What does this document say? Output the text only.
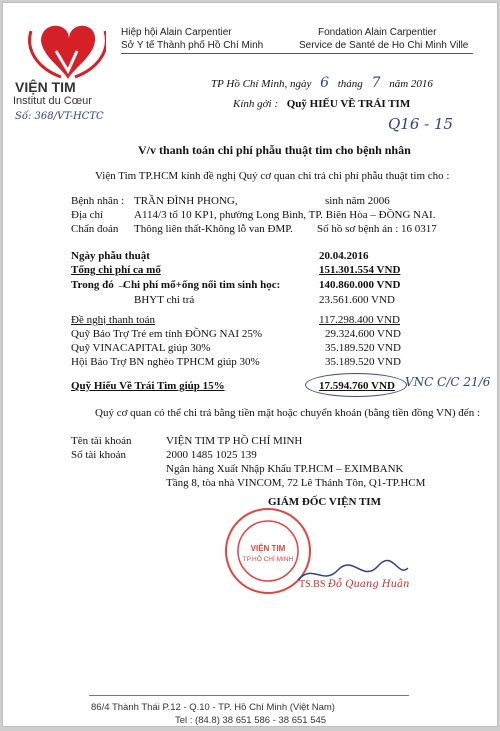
VIỆN TIM
Institut du Cœur
Số: 368/VT-HCTC
Hiệp hội Alain Carpentier
Sở Y tế Thành phố Hồ Chí Minh
Fondation Alain Carpentier
Service de Santé de Ho Chi Minh Ville
TP Hồ Chí Minh, ngày 6 tháng 7 năm 2016
Kính gởi : Quỹ HIẾU VỀ TRÁI TIM
Q16 - 15
V/v thanh toán chi phí phẫu thuật tim cho bệnh nhân
Viện Tim TP.HCM kính đề nghị Quý cơ quan chi trả chi phí phẫu thuật tim cho :
Bệnh nhân : TRẦN ĐÌNH PHONG,	sinh năm 2006
Địa chỉ	A114/3 tổ 10 KP1, phường Long Bình, TP. Biên Hòa – ĐỒNG NAI.
Chẩn đoán Thông liên thất-Không lỗ van ĐMP. Số hồ sơ bệnh án : 16 0317
Ngày phẫu thuật	20.04.2016
Tổng chi phí ca mổ	151.301.554 VND
Trong đó →
Chi phí mổ+ống nối tim sinh học:	140.860.000 VND
BHYT chi trả	23.561.600 VND
Đề nghị thanh toán	117.298.400 VND
Quỹ Bảo Trợ Trẻ em tỉnh ĐỒNG NAI 25%	29.324.600 VND
Quỹ VINACAPITAL giúp 30%	35.189.520 VND
Hội Bảo Trợ BN nghèo TPHCM giúp 30%	35.189.520 VND
Quỹ Hiếu Về Trái Tim giúp 15%	17.594.760 VND VNC C/C 21/6
Quý cơ quan có thể chi trả bằng tiền mặt hoặc chuyển khoản (bằng tiền đồng VN) đến :
Tên tài khoản	VIỆN TIM TP HỒ CHÍ MINH
Số tài khoản	2000 1485 1025 139
Ngân hàng Xuất Nhập Khẩu TP.HCM – EXIMBANK
Tầng 8, tòa nhà VINCOM, 72 Lê Thánh Tôn, Q1-TP.HCM
GIÁM ĐỐC VIỆN TIM
VIỆN TIM
TP.HỒ CHÍ MINH
TS.BS Đỗ Quang Huân
86/4 Thành Thái P.12 - Q.10 - TP. Hồ Chí Minh (Việt Nam)
Tel : (84.8) 38 651 586 - 38 651 545
